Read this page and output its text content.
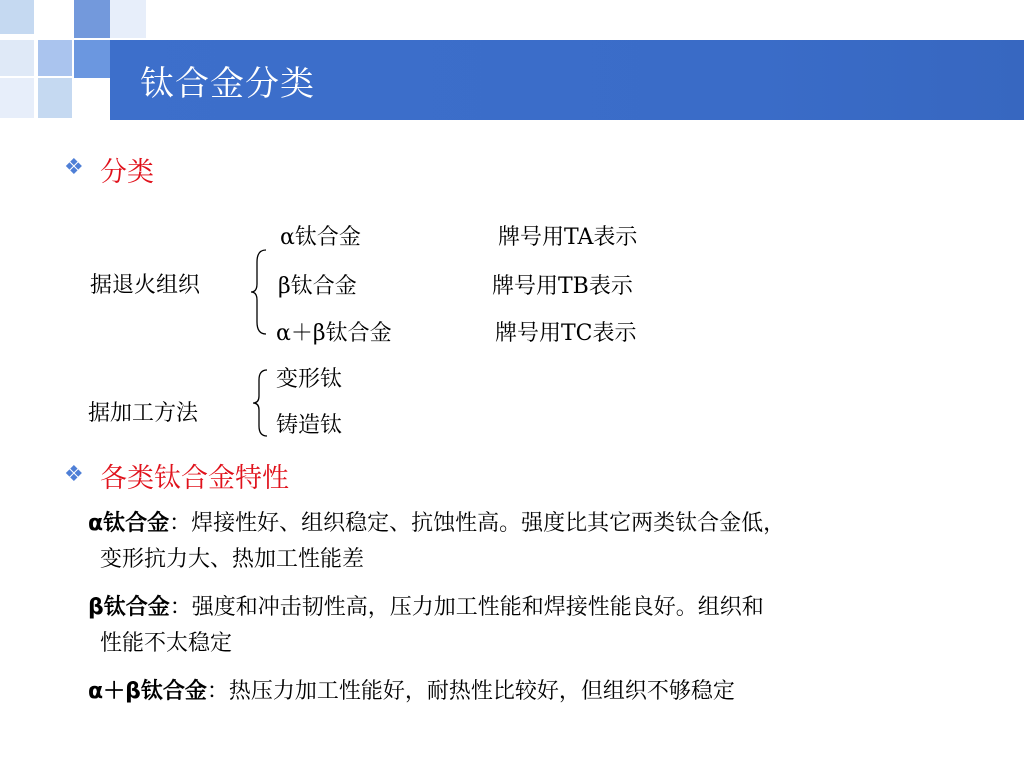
钛合金分类
❖ 分类
据退火组织
α钛合金	牌号用TA表示
β钛合金	牌号用TB表示
α＋β钛合金	牌号用TC表示
据加工方法
变形钛
铸造钛
❖ 各类钛合金特性
α钛合金：焊接性好、组织稳定、抗蚀性高。强度比其它两类钛合金低，
变形抗力大、热加工性能差
β钛合金：强度和冲击韧性高，压力加工性能和焊接性能良好。组织和
性能不太稳定
α＋β钛合金：热压力加工性能好，耐热性比较好，但组织不够稳定
